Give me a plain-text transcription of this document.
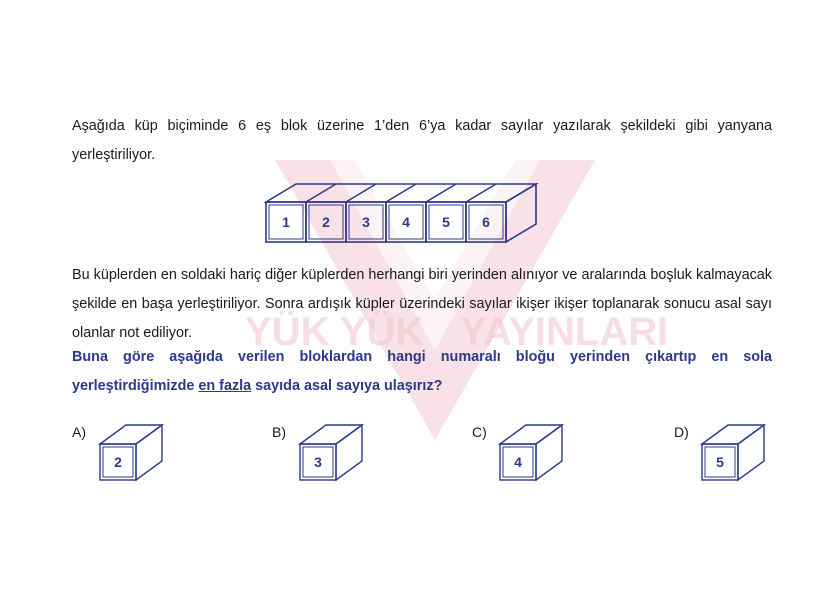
YÜK YÜK YAYINLARI

Aşağıda küp biçiminde 6 eş blok üzerine 1’den 6’ya kadar sayılar yazılarak şekildeki gibi yanyana yerleştiriliyor.

1 2 3 4 5 6

Bu küplerden en soldaki hariç diğer küplerden herhangi biri yerinden alınıyor ve aralarında boşluk kalmayacak şekilde en başa yerleştiriliyor. Sonra ardışık küpler üzerindeki sayılar ikişer ikişer toplanarak sonucu asal sayı olanlar not ediliyor.

Buna göre aşağıda verilen bloklardan hangi numaralı bloğu yerinden çıkartıp en sola yerleştirdiğimizde en fazla sayıda asal sayıya ulaşırız?

A)
2
B)
3
C)
4
D)
5
